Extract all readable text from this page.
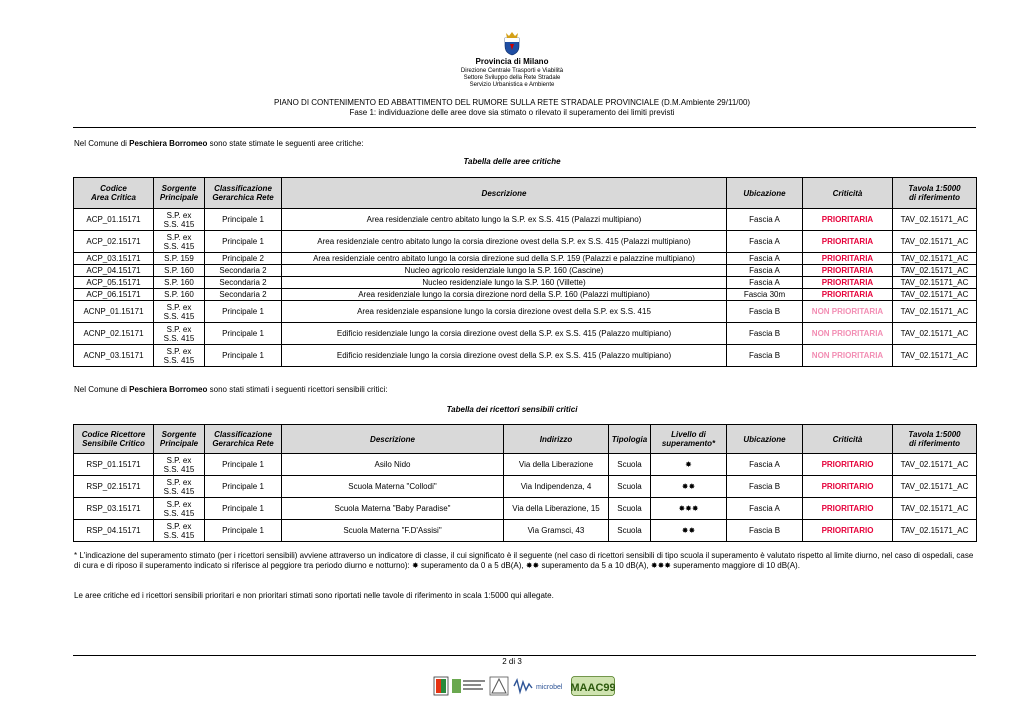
Provincia di Milano
Direzione Centrale Trasporti e Viabilità
Settore Sviluppo della Rete Stradale
Servizio Urbanistica e Ambiente
PIANO DI CONTENIMENTO ED ABBATTIMENTO DEL RUMORE SULLA RETE STRADALE PROVINCIALE (D.M.Ambiente 29/11/00)
Fase 1: individuazione delle aree dove sia stimato o rilevato il superamento dei limiti previsti
Nel Comune di Peschiera Borromeo sono state stimate le seguenti aree critiche:
Tabella delle aree critiche
Codice
Area Critica	Sorgente
Principale	Classificazione
Gerarchica Rete	Descrizione	Ubicazione	Criticità	Tavola 1:5000
di riferimento
ACP_01.15171	S.P. ex
S.S. 415	Principale 1	Area residenziale centro abitato lungo la S.P. ex S.S. 415 (Palazzi multipiano)	Fascia A	PRIORITARIA	TAV_02.15171_AC
ACP_02.15171	S.P. ex
S.S. 415	Principale 1	Area residenziale centro abitato lungo la corsia direzione ovest della S.P. ex S.S. 415 (Palazzi multipiano)	Fascia A	PRIORITARIA	TAV_02.15171_AC
ACP_03.15171	S.P. 159	Principale 2	Area residenziale centro abitato lungo la corsia direzione sud della S.P. 159 (Palazzi e palazzine multipiano)	Fascia A	PRIORITARIA	TAV_02.15171_AC
ACP_04.15171	S.P. 160	Secondaria 2	Nucleo agricolo residenziale lungo la S.P. 160 (Cascine)	Fascia A	PRIORITARIA	TAV_02.15171_AC
ACP_05.15171	S.P. 160	Secondaria 2	Nucleo residenziale lungo la S.P. 160 (Villette)	Fascia A	PRIORITARIA	TAV_02.15171_AC
ACP_06.15171	S.P. 160	Secondaria 2	Area residenziale lungo la corsia direzione nord della S.P. 160 (Palazzi multipiano)	Fascia 30m	PRIORITARIA	TAV_02.15171_AC
ACNP_01.15171	S.P. ex
S.S. 415	Principale 1	Area residenziale espansione lungo la corsia direzione ovest della S.P. ex S.S. 415	Fascia B	NON PRIORITARIA	TAV_02.15171_AC
ACNP_02.15171	S.P. ex
S.S. 415	Principale 1	Edificio residenziale lungo la corsia direzione ovest della S.P. ex S.S. 415 (Palazzo multipiano)	Fascia B	NON PRIORITARIA	TAV_02.15171_AC
ACNP_03.15171	S.P. ex
S.S. 415	Principale 1	Edificio residenziale lungo la corsia direzione ovest della S.P. ex S.S. 415 (Palazzo multipiano)	Fascia B	NON PRIORITARIA	TAV_02.15171_AC
Nel Comune di Peschiera Borromeo sono stati stimati i seguenti ricettori sensibili critici:
Tabella dei ricettori sensibili critici
Codice Ricettore
Sensibile Critico	Sorgente
Principale	Classificazione
Gerarchica Rete	Descrizione	Indirizzo	Tipologia	Livello di
superamento*	Ubicazione	Criticità	Tavola 1:5000
di riferimento
RSP_01.15171	S.P. ex
S.S. 415	Principale 1	Asilo Nido	Via della Liberazione	Scuola	✸	Fascia A	PRIORITARIO	TAV_02.15171_AC
RSP_02.15171	S.P. ex
S.S. 415	Principale 1	Scuola Materna "Collodi"	Via Indipendenza, 4	Scuola	✸✸	Fascia B	PRIORITARIO	TAV_02.15171_AC
RSP_03.15171	S.P. ex
S.S. 415	Principale 1	Scuola Materna "Baby Paradise"	Via della Liberazione, 15	Scuola	✸✸✸	Fascia A	PRIORITARIO	TAV_02.15171_AC
RSP_04.15171	S.P. ex
S.S. 415	Principale 1	Scuola Materna "F.D'Assisi"	Via Gramsci, 43	Scuola	✸✸	Fascia B	PRIORITARIO	TAV_02.15171_AC
* L'indicazione del superamento stimato (per i ricettori sensibili) avviene attraverso un indicatore di classe, il cui significato è il seguente (nel caso di ricettori sensibili di tipo scuola il superamento è valutato rispetto al limite diurno, nel caso di ospedali, case di cura e di riposo il superamento indicato si riferisce al peggiore tra periodo diurno e notturno): ✸ superamento da 0 a 5 dB(A), ✸✸ superamento da 5 a 10 dB(A), ✸✸✸ superamento maggiore di 10 dB(A).
Le aree critiche ed i ricettori sensibili prioritari e non prioritari stimati sono riportati nelle tavole di riferimento in scala 1:5000 qui allegate.
2 di 3
microbel MAAC99
